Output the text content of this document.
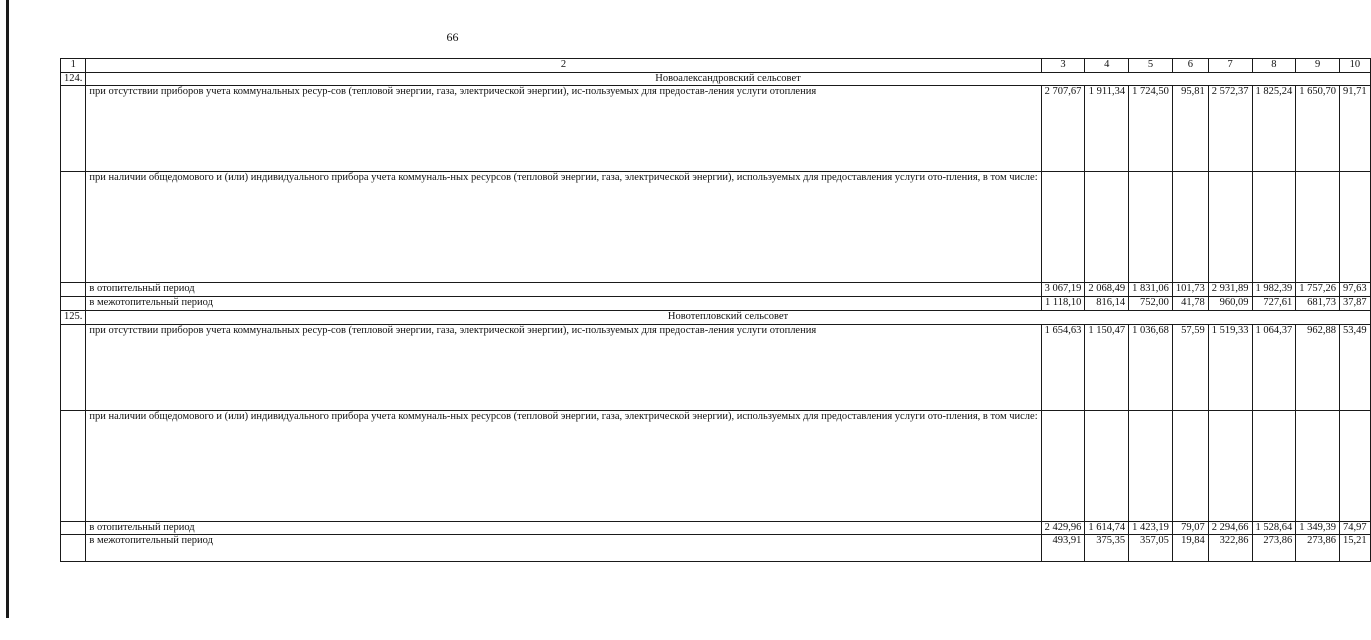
66
1	2	3	4	5	6	7	8	9	10
124.	Новоалександровский сельсовет								
	при отсутствии приборов учета коммунальных ресур-сов (тепловой энергии, газа, электрической энергии), ис-пользуемых для предостав-ления услуги отопления	2 707,67	1 911,34	1 724,50	95,81	2 572,37	1 825,24	1 650,70	91,71
	при наличии общедомового и (или) индивидуального прибора учета коммуналь-ных ресурсов (тепловой энергии, газа, электрической энергии), используемых для предоставления услуги ото-пления, в том числе:								
	в отопительный период	3 067,19	2 068,49	1 831,06	101,73	2 931,89	1 982,39	1 757,26	97,63
	в межотопительный период	1 118,10	816,14	752,00	41,78	960,09	727,61	681,73	37,87
125.	Новотепловский сельсовет								
	при отсутствии приборов учета коммунальных ресур-сов (тепловой энергии, газа, электрической энергии), ис-пользуемых для предостав-ления услуги отопления	1 654,63	1 150,47	1 036,68	57,59	1 519,33	1 064,37	962,88	53,49
	при наличии общедомового и (или) индивидуального прибора учета коммуналь-ных ресурсов (тепловой энергии, газа, электрической энергии), используемых для предоставления услуги ото-пления, в том числе:								
	в отопительный период	2 429,96	1 614,74	1 423,19	79,07	2 294,66	1 528,64	1 349,39	74,97
	в межотопительный период	493,91	375,35	357,05	19,84	322,86	273,86	273,86	15,21
